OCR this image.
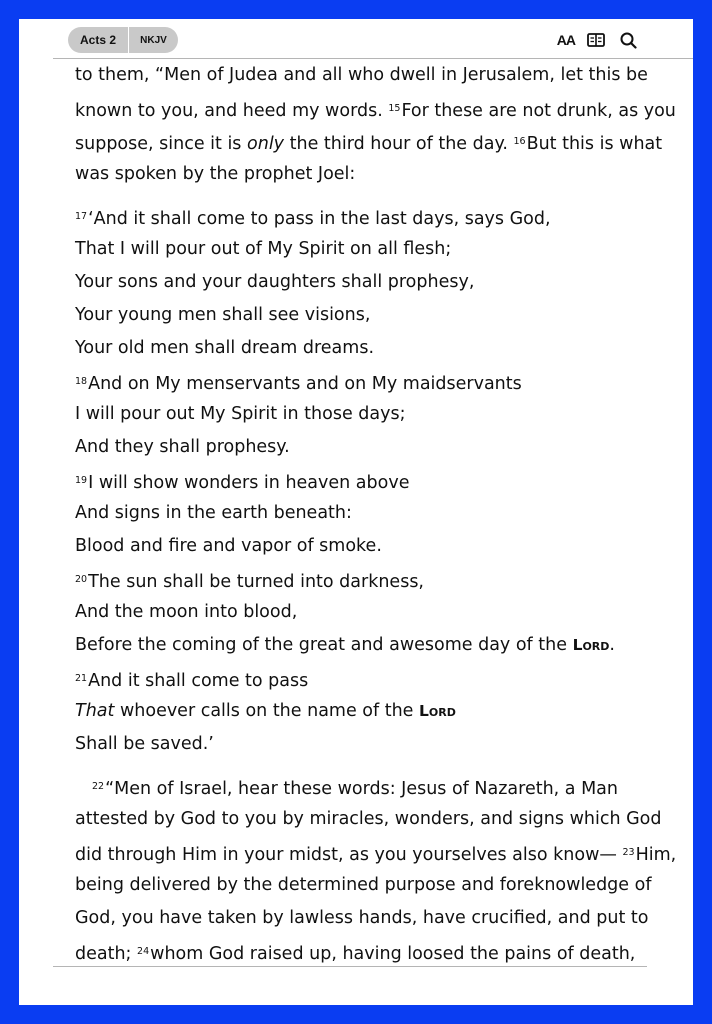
Acts 2	NKJV	AA
to them, “Men of Judea and all who dwell in Jerusalem, let this be
known to you, and heed my words. $^{15}$For these are not drunk, as you
suppose, since it is only the third hour of the day. $^{16}$But this is what
was spoken by the prophet Joel:
$^{17}$‘And it shall come to pass in the last days, says God,
That I will pour out of My Spirit on all flesh;
Your sons and your daughters shall prophesy,
Your young men shall see visions,
Your old men shall dream dreams.
$^{18}$And on My menservants and on My maidservants
I will pour out My Spirit in those days;
And they shall prophesy.
$^{19}$I will show wonders in heaven above
And signs in the earth beneath:
Blood and fire and vapor of smoke.
$^{20}$The sun shall be turned into darkness,
And the moon into blood,
Before the coming of the great and awesome day of the Lord.
$^{21}$And it shall come to pass
That whoever calls on the name of the Lord
Shall be saved.’
$^{22}$“Men of Israel, hear these words: Jesus of Nazareth, a Man
attested by God to you by miracles, wonders, and signs which God
did through Him in your midst, as you yourselves also know— $^{23}$Him,
being delivered by the determined purpose and foreknowledge of
God, you have taken by lawless hands, have crucified, and put to
death; $^{24}$whom God raised up, having loosed the pains of death,
